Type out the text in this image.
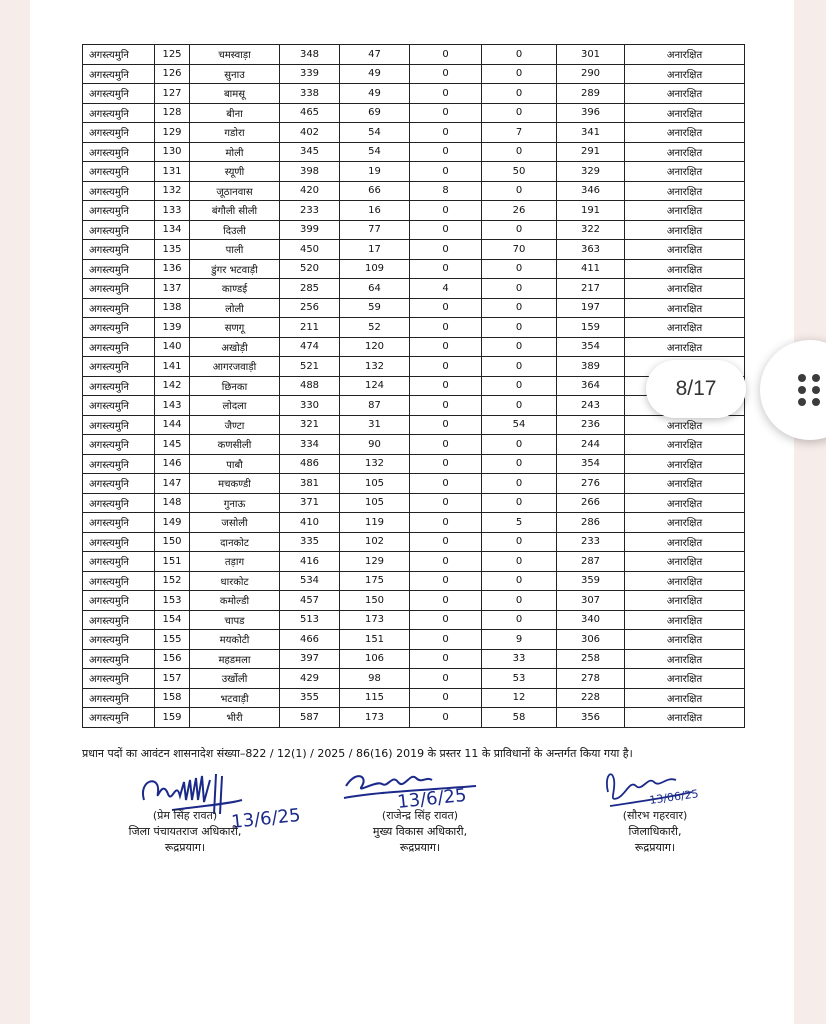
अगस्त्यमुनि	125	चमस्वाड़ा	348	47	0	0	301	अनारक्षित
अगस्त्यमुनि	126	सुनाउ	339	49	0	0	290	अनारक्षित
अगस्त्यमुनि	127	बामसू	338	49	0	0	289	अनारक्षित
अगस्त्यमुनि	128	बीना	465	69	0	0	396	अनारक्षित
अगस्त्यमुनि	129	गडोरा	402	54	0	7	341	अनारक्षित
अगस्त्यमुनि	130	मोली	345	54	0	0	291	अनारक्षित
अगस्त्यमुनि	131	स्यूणी	398	19	0	50	329	अनारक्षित
अगस्त्यमुनि	132	जूठानवास	420	66	8	0	346	अनारक्षित
अगस्त्यमुनि	133	बंगौली सीली	233	16	0	26	191	अनारक्षित
अगस्त्यमुनि	134	दिउली	399	77	0	0	322	अनारक्षित
अगस्त्यमुनि	135	पाली	450	17	0	70	363	अनारक्षित
अगस्त्यमुनि	136	डुंगर भटवाड़ी	520	109	0	0	411	अनारक्षित
अगस्त्यमुनि	137	काण्डई	285	64	4	0	217	अनारक्षित
अगस्त्यमुनि	138	लोली	256	59	0	0	197	अनारक्षित
अगस्त्यमुनि	139	सणगू	211	52	0	0	159	अनारक्षित
अगस्त्यमुनि	140	अखोड़ी	474	120	0	0	354	अनारक्षित
अगस्त्यमुनि	141	आगरजवाड़ी	521	132	0	0	389	
अगस्त्यमुनि	142	छिनका	488	124	0	0	364	
अगस्त्यमुनि	143	लोदला	330	87	0	0	243	
अगस्त्यमुनि	144	जैण्टा	321	31	0	54	236	अनारक्षित
अगस्त्यमुनि	145	कणसीली	334	90	0	0	244	अनारक्षित
अगस्त्यमुनि	146	पाबौ	486	132	0	0	354	अनारक्षित
अगस्त्यमुनि	147	मचकण्डी	381	105	0	0	276	अनारक्षित
अगस्त्यमुनि	148	गुनाऊ	371	105	0	0	266	अनारक्षित
अगस्त्यमुनि	149	जसोली	410	119	0	5	286	अनारक्षित
अगस्त्यमुनि	150	दानकोट	335	102	0	0	233	अनारक्षित
अगस्त्यमुनि	151	तड़ाग	416	129	0	0	287	अनारक्षित
अगस्त्यमुनि	152	धारकोट	534	175	0	0	359	अनारक्षित
अगस्त्यमुनि	153	कमोल्डी	457	150	0	0	307	अनारक्षित
अगस्त्यमुनि	154	चापड	513	173	0	0	340	अनारक्षित
अगस्त्यमुनि	155	मयकोटी	466	151	0	9	306	अनारक्षित
अगस्त्यमुनि	156	महडमला	397	106	0	33	258	अनारक्षित
अगस्त्यमुनि	157	उर्खोली	429	98	0	53	278	अनारक्षित
अगस्त्यमुनि	158	भटवाड़ी	355	115	0	12	228	अनारक्षित
अगस्त्यमुनि	159	भीरी	587	173	0	58	356	अनारक्षित
प्रधान पदों का आवंटन शासनादेश संख्या–822 / 12(1) / 2025 / 86(16) 2019 के प्रस्तर 11 के प्राविधानों के अन्तर्गत किया गया है।
13/6/25
13/6/25	13/06/25
(प्रेम सिंह रावत)
जिला पंचायतराज अधिकारी,
रूद्रप्रयाग।
(राजेन्द्र सिंह रावत)
मुख्य विकास अधिकारी,
रूद्रप्रयाग।
(सौरभ गहरवार)
जिलाधिकारी,
रूद्रप्रयाग।
8/17
